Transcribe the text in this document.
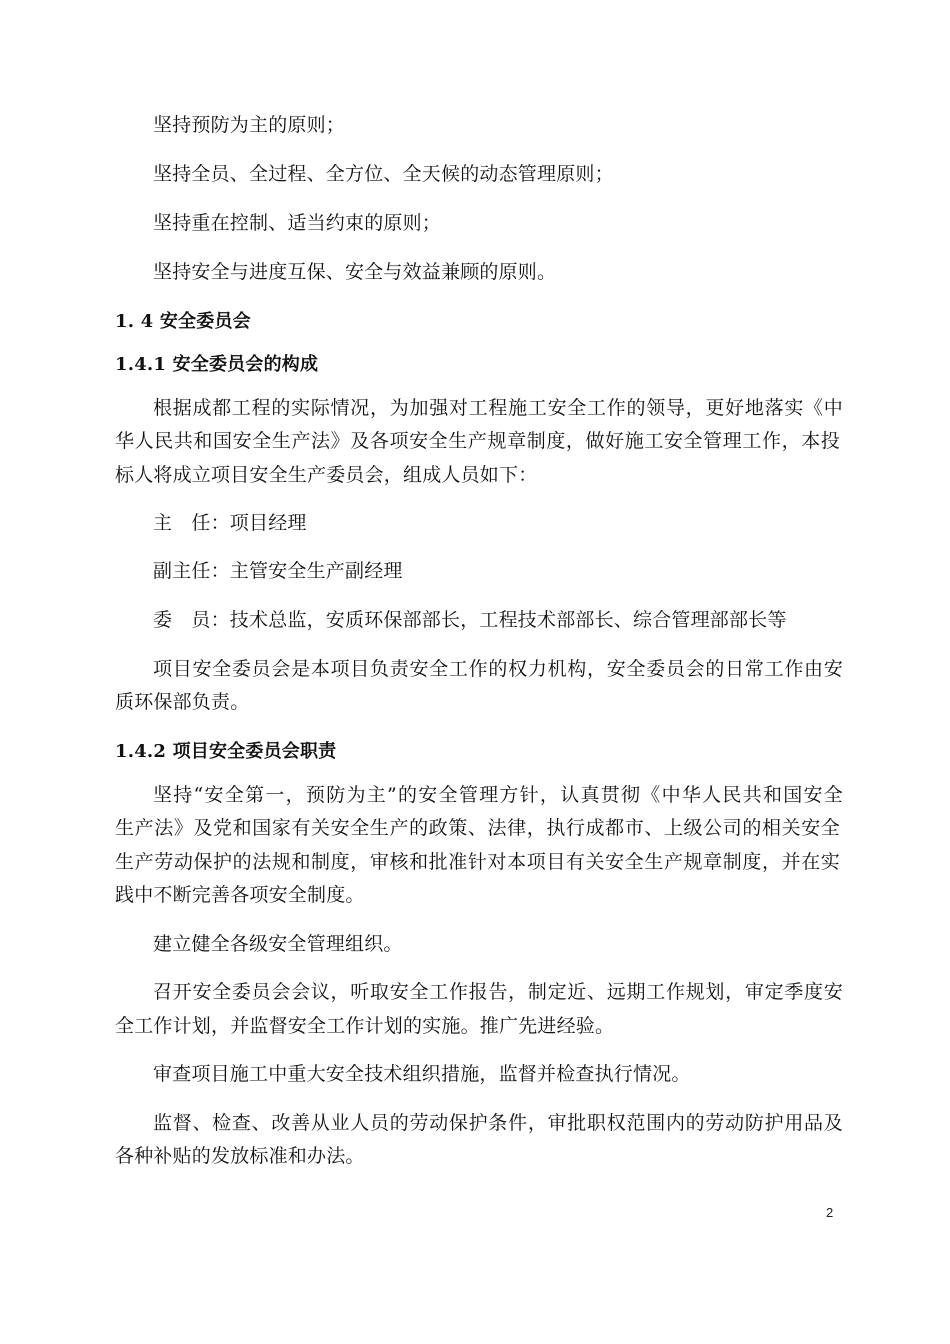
坚持预防为主的原则；
坚持全员、全过程、全方位、全天候的动态管理原则；
坚持重在控制、适当约束的原则；
坚持安全与进度互保、安全与效益兼顾的原则。
1. 4 安全委员会
1.4.1 安全委员会的构成
根据成都工程的实际情况，为加强对工程施工安全工作的领导，更好地落实《中
华人民共和国安全生产法》及各项安全生产规章制度，做好施工安全管理工作，本投
标人将成立项目安全生产委员会，组成人员如下：
主　任：项目经理
副主任：主管安全生产副经理
委　员：技术总监，安质环保部部长，工程技术部部长、综合管理部部长等
项目安全委员会是本项目负责安全工作的权力机构，安全委员会的日常工作由安
质环保部负责。
1.4.2 项目安全委员会职责
坚持“安全第一，预防为主”的安全管理方针，认真贯彻《中华人民共和国安全
生产法》及党和国家有关安全生产的政策、法律，执行成都市、上级公司的相关安全
生产劳动保护的法规和制度，审核和批准针对本项目有关安全生产规章制度，并在实
践中不断完善各项安全制度。
建立健全各级安全管理组织。
召开安全委员会会议，听取安全工作报告，制定近、远期工作规划，审定季度安
全工作计划，并监督安全工作计划的实施。推广先进经验。
审查项目施工中重大安全技术组织措施，监督并检查执行情况。
监督、检查、改善从业人员的劳动保护条件，审批职权范围内的劳动防护用品及
各种补贴的发放标准和办法。
2
